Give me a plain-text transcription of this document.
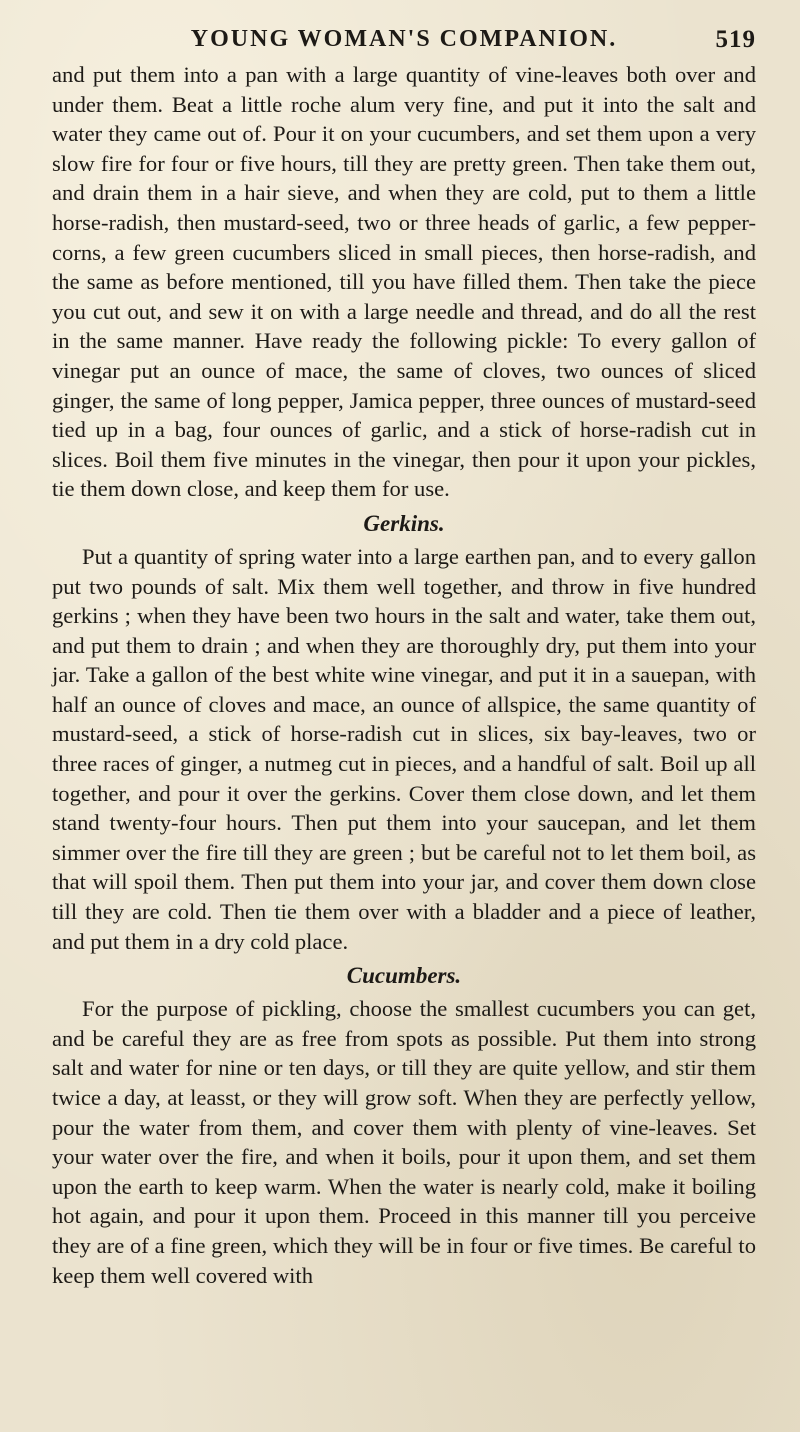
YOUNG WOMAN'S COMPANION.	519

and put them into a pan with a large quantity of vine-leaves both over and under them. Beat a little roche alum very fine, and put it into the salt and water they came out of. Pour it on your cucumbers, and set them upon a very slow fire for four or five hours, till they are pretty green. Then take them out, and drain them in a hair sieve, and when they are cold, put to them a little horse-radish, then mustard-seed, two or three heads of garlic, a few pepper-corns, a few green cucumbers sliced in small pieces, then horse-radish, and the same as before mentioned, till you have filled them. Then take the piece you cut out, and sew it on with a large needle and thread, and do all the rest in the same manner. Have ready the following pickle: To every gallon of vinegar put an ounce of mace, the same of cloves, two ounces of sliced ginger, the same of long pepper, Jamica pepper, three ounces of mustard-seed tied up in a bag, four ounces of garlic, and a stick of horse-radish cut in slices. Boil them five minutes in the vinegar, then pour it upon your pickles, tie them down close, and keep them for use.

Gerkins.

Put a quantity of spring water into a large earthen pan, and to every gallon put two pounds of salt. Mix them well together, and throw in five hundred gerkins ; when they have been two hours in the salt and water, take them out, and put them to drain ; and when they are thoroughly dry, put them into your jar. Take a gallon of the best white wine vinegar, and put it in a sauepan, with half an ounce of cloves and mace, an ounce of allspice, the same quantity of mustard-seed, a stick of horse-radish cut in slices, six bay-leaves, two or three races of ginger, a nutmeg cut in pieces, and a handful of salt. Boil up all together, and pour it over the gerkins. Cover them close down, and let them stand twenty-four hours. Then put them into your saucepan, and let them simmer over the fire till they are green ; but be careful not to let them boil, as that will spoil them. Then put them into your jar, and cover them down close till they are cold. Then tie them over with a bladder and a piece of leather, and put them in a dry cold place.

Cucumbers.

For the purpose of pickling, choose the smallest cucumbers you can get, and be careful they are as free from spots as possible. Put them into strong salt and water for nine or ten days, or till they are quite yellow, and stir them twice a day, at leasst, or they will grow soft. When they are perfectly yellow, pour the water from them, and cover them with plenty of vine-leaves. Set your water over the fire, and when it boils, pour it upon them, and set them upon the earth to keep warm. When the water is nearly cold, make it boiling hot again, and pour it upon them. Proceed in this manner till you perceive they are of a fine green, which they will be in four or five times. Be careful to keep them well covered with
